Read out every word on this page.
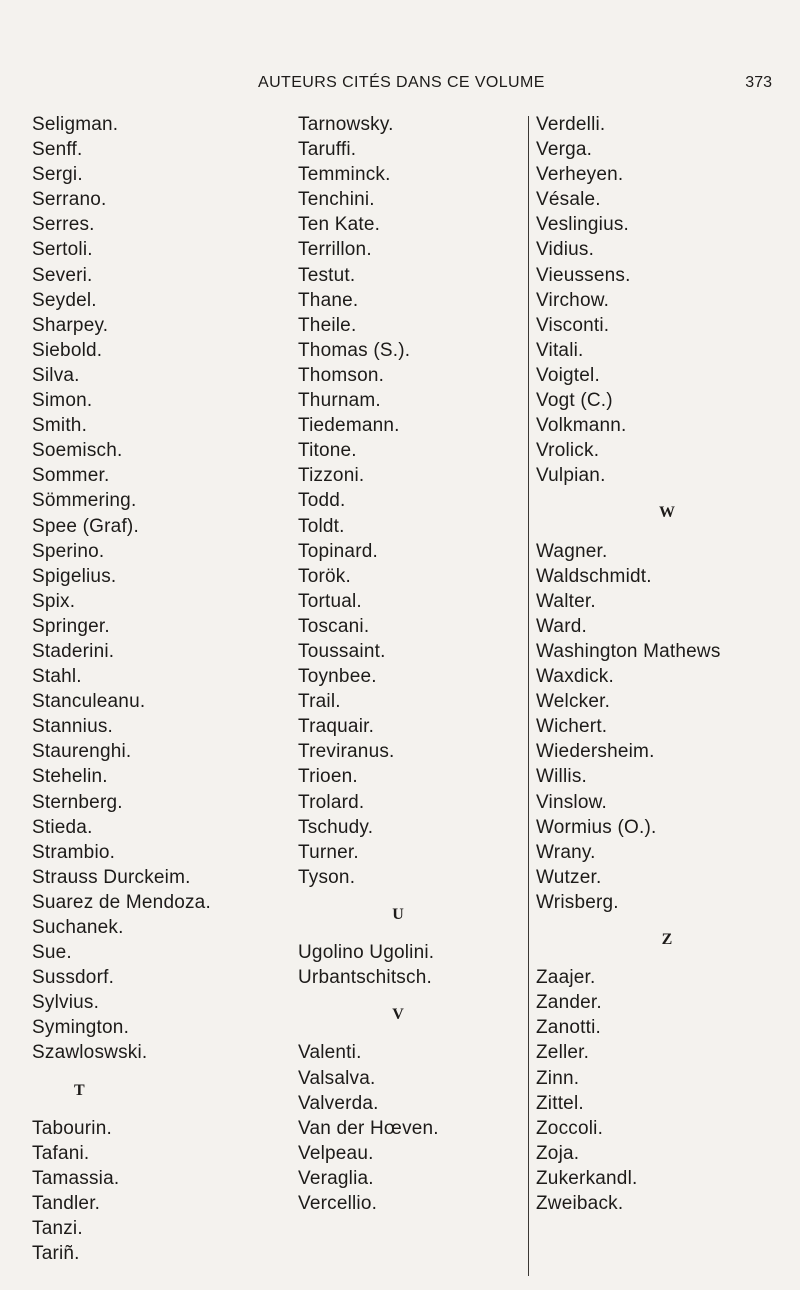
AUTEURS CITÉS DANS CE VOLUME	373
Seligman.
Senff.
Sergi.
Serrano.
Serres.
Sertoli.
Severi.
Seydel.
Sharpey.
Siebold.
Silva.
Simon.
Smith.
Soemisch.
Sommer.
Sömmering.
Spee (Graf).
Sperino.
Spigelius.
Spix.
Springer.
Staderini.
Stahl.
Stanculeanu.
Stannius.
Staurenghi.
Stehelin.
Sternberg.
Stieda.
Strambio.
Strauss Durckeim.
Suarez de Mendoza.
Suchanek.
Sue.
Sussdorf.
Sylvius.
Symington.
Szawloswski.
T
Tabourin.
Tafani.
Tamassia.
Tandler.
Tanzi.
Tariñ.
Tarnowsky.
Taruffi.
Temminck.
Tenchini.
Ten Kate.
Terrillon.
Testut.
Thane.
Theile.
Thomas (S.).
Thomson.
Thurnam.
Tiedemann.
Titone.
Tizzoni.
Todd.
Toldt.
Topinard.
Torök.
Tortual.
Toscani.
Toussaint.
Toynbee.
Trail.
Traquair.
Treviranus.
Trioen.
Trolard.
Tschudy.
Turner.
Tyson.
U
Ugolino Ugolini.
Urbantschitsch.
V
Valenti.
Valsalva.
Valverda.
Van der Hœven.
Velpeau.
Veraglia.
Vercellio.
Verdelli.
Verga.
Verheyen.
Vésale.
Veslingius.
Vidius.
Vieussens.
Virchow.
Visconti.
Vitali.
Voigtel.
Vogt (C.)
Volkmann.
Vrolick.
Vulpian.
W
Wagner.
Waldschmidt.
Walter.
Ward.
Washington Mathews
Waxdick.
Welcker.
Wichert.
Wiedersheim.
Willis.
Vinslow.
Wormius (O.).
Wrany.
Wutzer.
Wrisberg.
Z
Zaajer.
Zander.
Zanotti.
Zeller.
Zinn.
Zittel.
Zoccoli.
Zoja.
Zukerkandl.
Zweiback.
